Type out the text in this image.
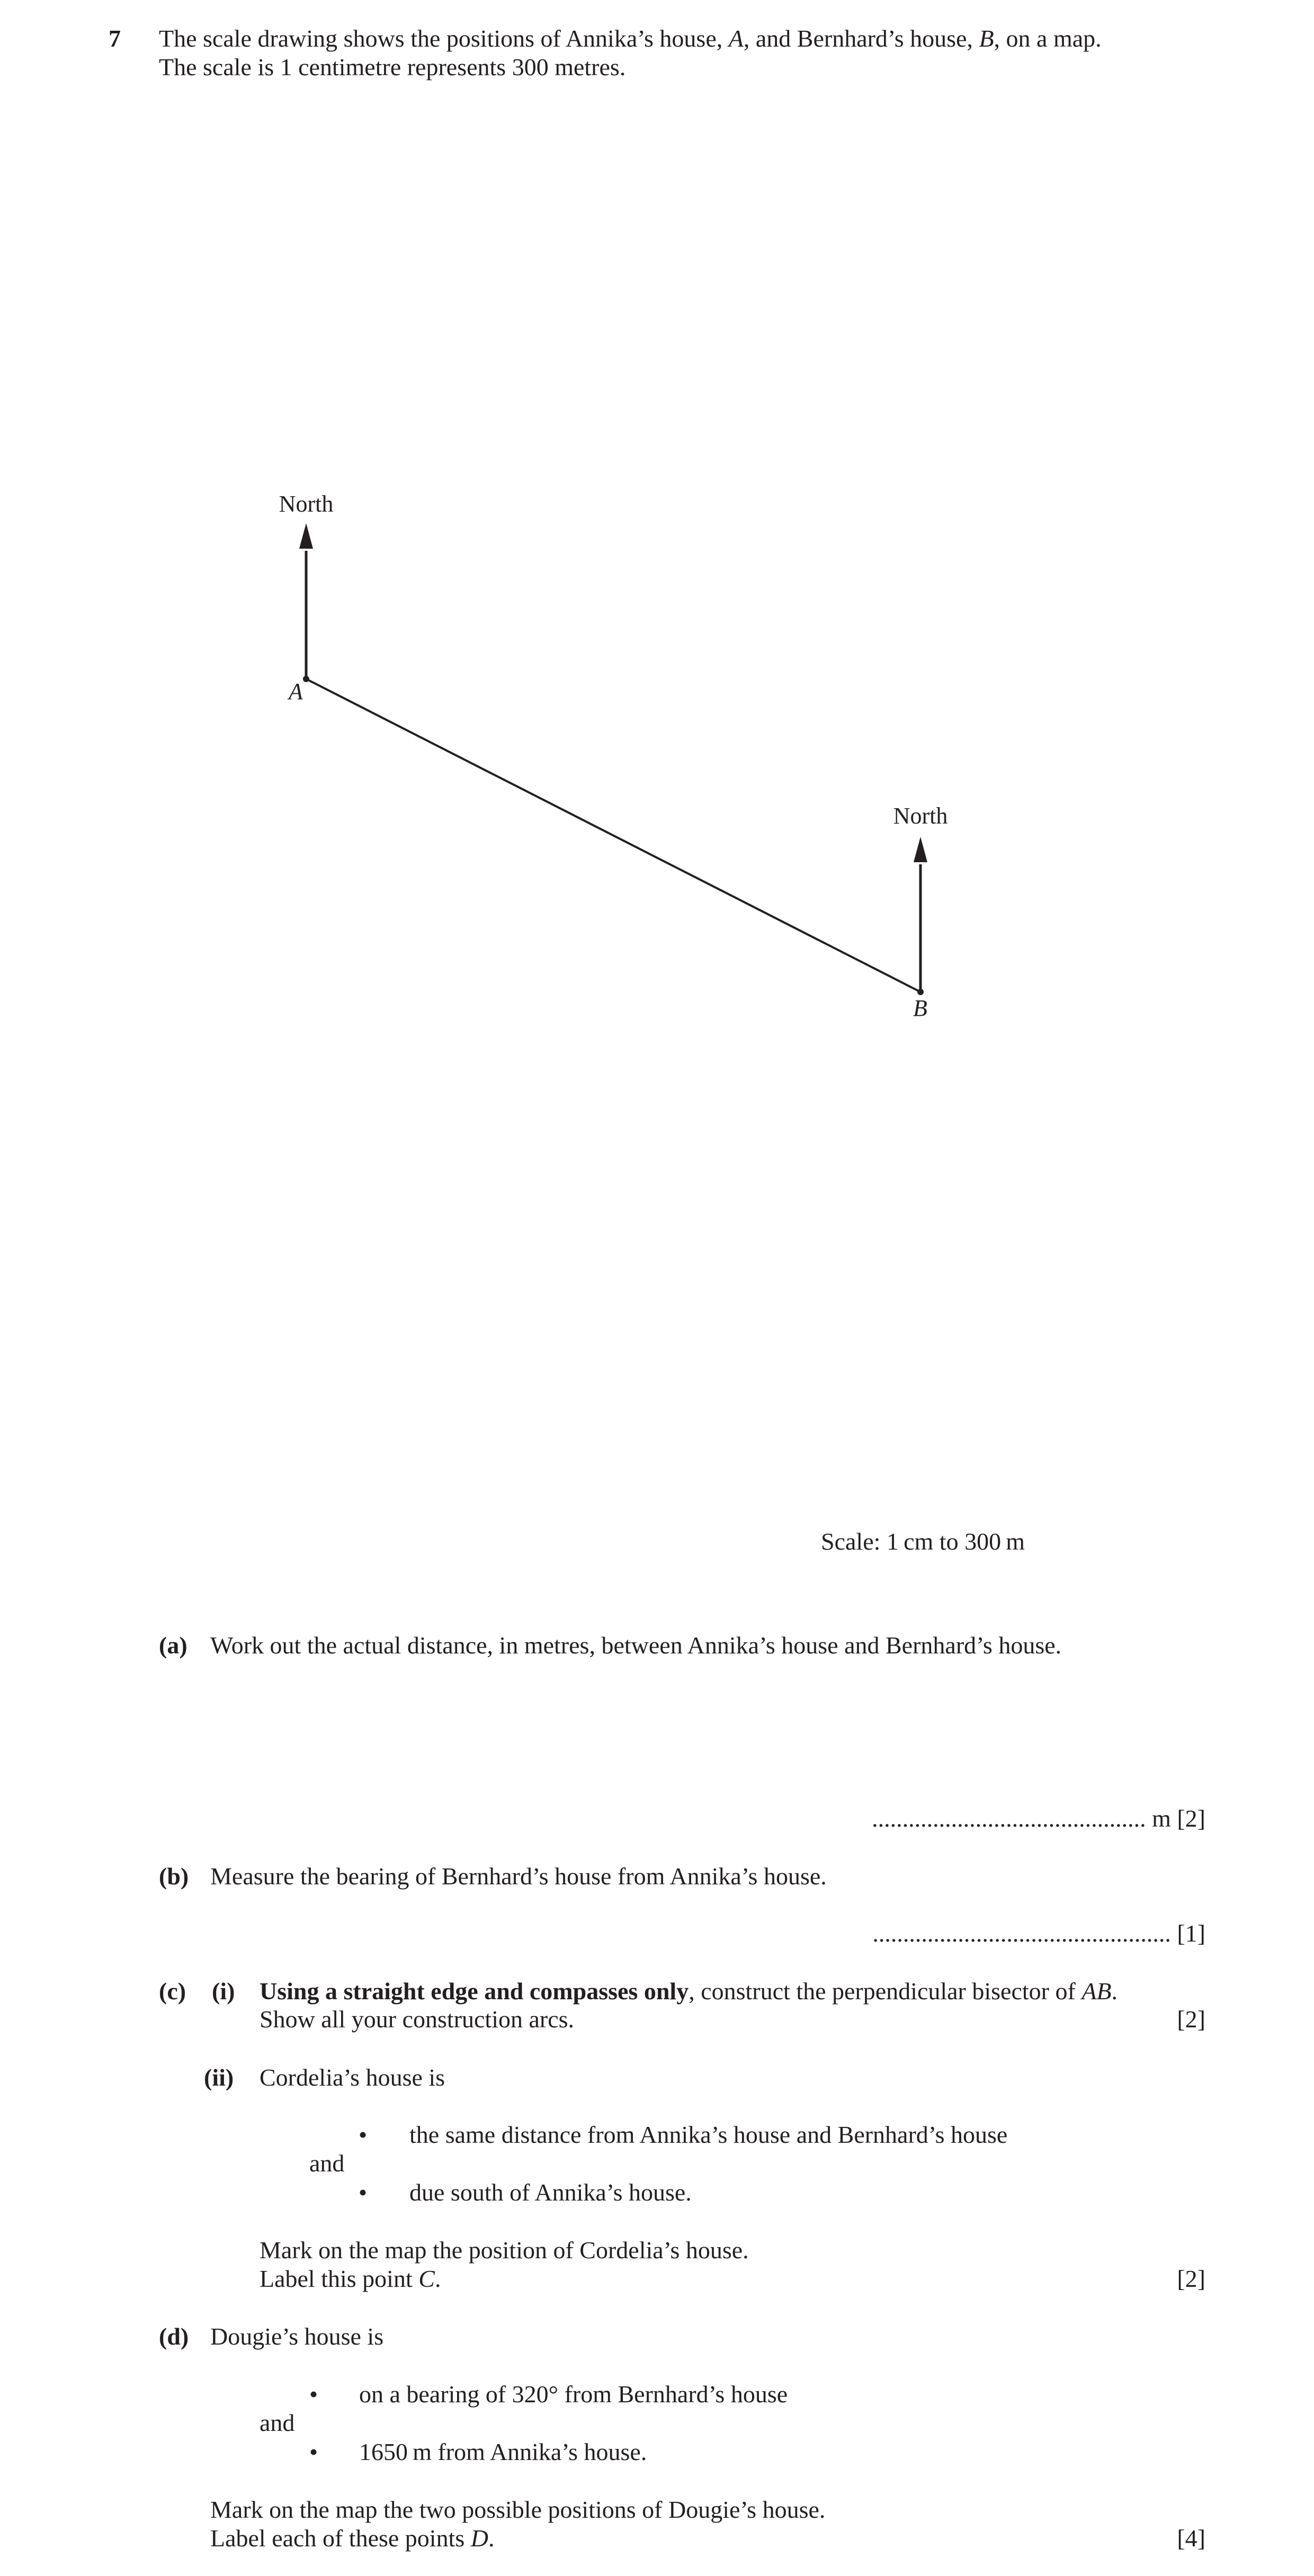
7 The scale drawing shows the positions of Annika’s house, A, and Bernhard’s house, B, on a map.
The scale is 1 centimetre represents 300 metres.
North
A
North
B
Scale: 1 cm to 300 m
(a) Work out the actual distance, in metres, between Annika’s house and Bernhard’s house.
............................................. m [2]
(b) Measure the bearing of Bernhard’s house from Annika’s house.
................................................. [1]
(c) (i) Using a straight edge and compasses only, construct the perpendicular bisector of AB.
Show all your construction arcs.	[2]
(ii) Cordelia’s house is
• the same distance from Annika’s house and Bernhard’s house
and
• due south of Annika’s house.
Mark on the map the position of Cordelia’s house.
Label this point C.	[2]
(d) Dougie’s house is
• on a bearing of 320° from Bernhard’s house
and
• 1650 m from Annika’s house.
Mark on the map the two possible positions of Dougie’s house.
Label each of these points D.	[4]
